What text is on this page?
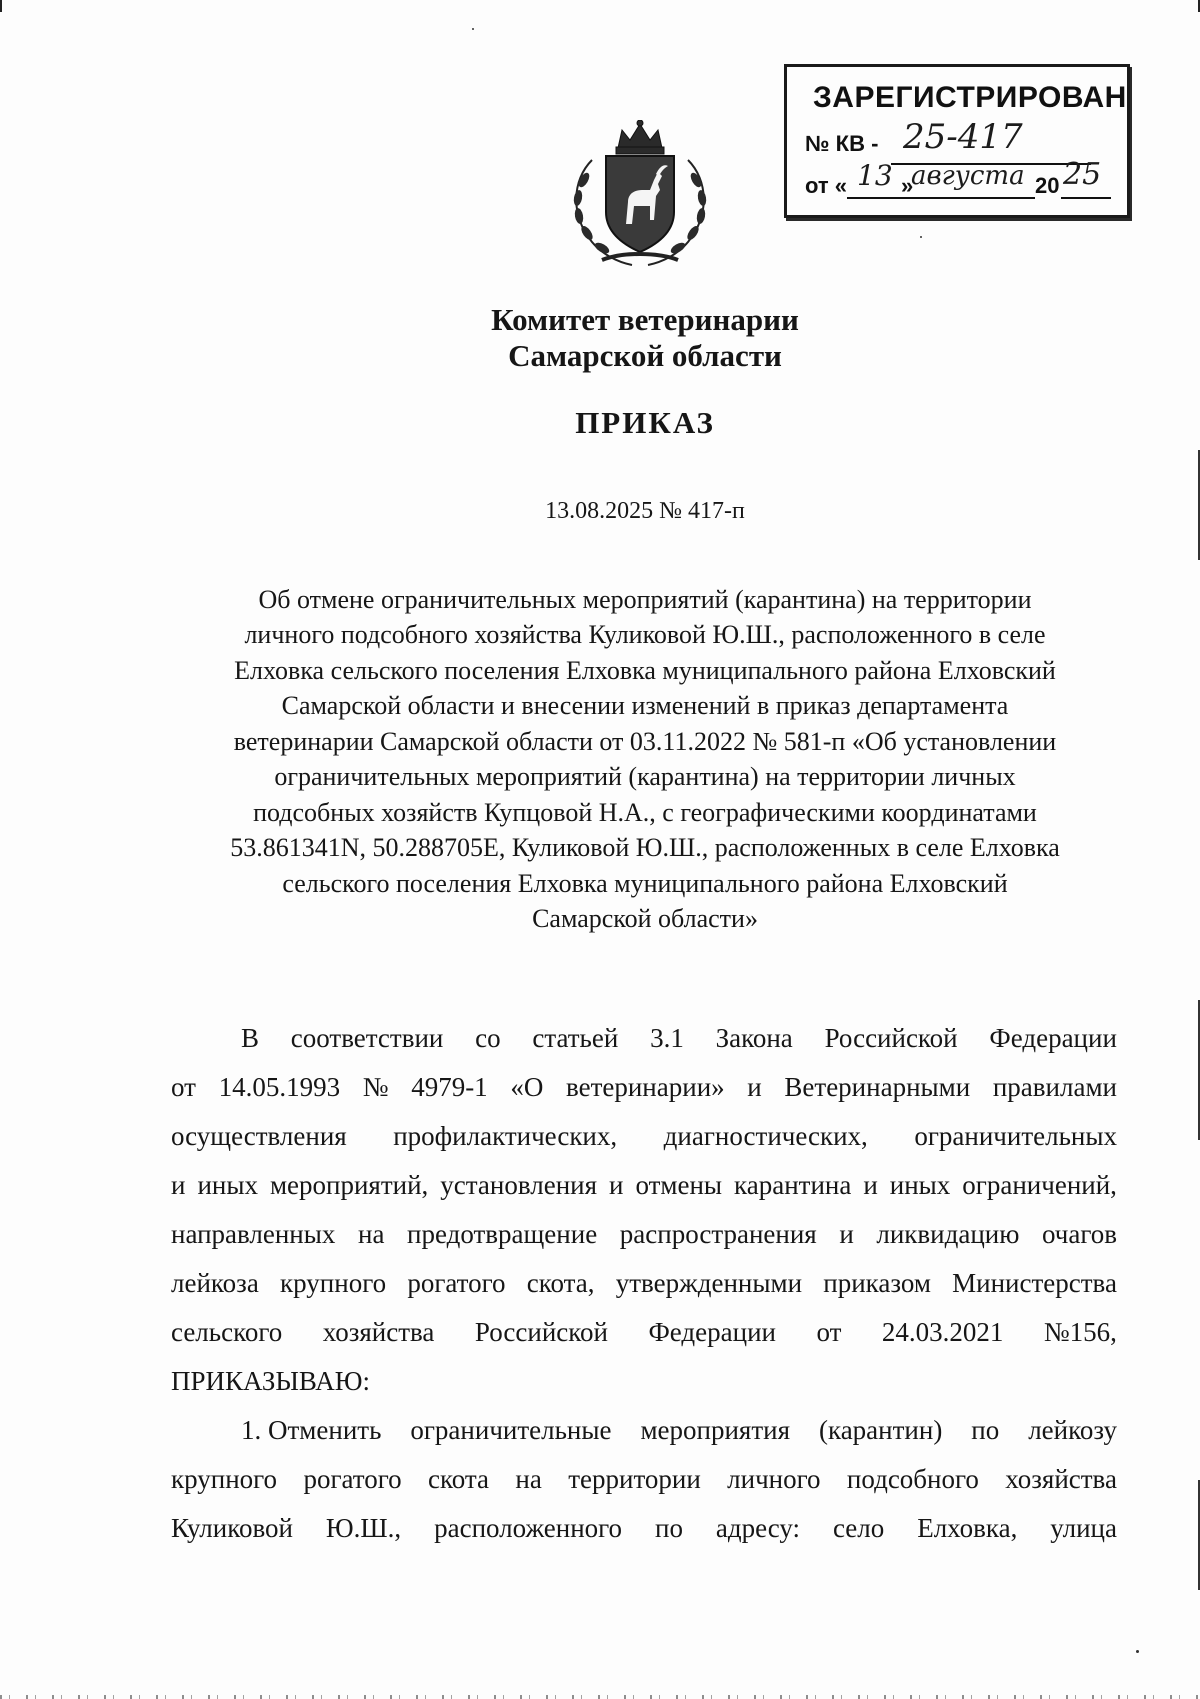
ЗАРЕГИСТРИРОВАН
№ КВ - 25-417
от « 13 »
августа 20 25
Комитет ветеринарии
Самарской области
ПРИКАЗ
13.08.2025 № 417-п
Об отмене ограничительных мероприятий (карантина) на территории
личного подсобного хозяйства Куликовой Ю.Ш., расположенного в селе
Елховка сельского поселения Елховка муниципального района Елховский
Самарской области и внесении изменений в приказ департамента
ветеринарии Самарской области от 03.11.2022 № 581-п «Об установлении
ограничительных мероприятий (карантина) на территории личных
подсобных хозяйств Купцовой Н.А., с географическими координатами
53.861341N, 50.288705E, Куликовой Ю.Ш., расположенных в селе Елховка
сельского поселения Елховка муниципального района Елховский
Самарской области»
В соответствии со статьей 3.1 Закона Российской Федерации
от 14.05.1993 № 4979-1 «О ветеринарии» и Ветеринарными правилами
осуществления профилактических, диагностических, ограничительных
и иных мероприятий, установления и отмены карантина и иных ограничений,
направленных на предотвращение распространения и ликвидацию очагов
лейкоза крупного рогатого скота, утвержденными приказом Министерства
сельского хозяйства Российской Федерации от 24.03.2021 №156,
ПРИКАЗЫВАЮ:
1. Отменить ограничительные мероприятия (карантин) по лейкозу
крупного рогатого скота на территории личного подсобного хозяйства
Куликовой Ю.Ш., расположенного по адресу: село Елховка, улица
